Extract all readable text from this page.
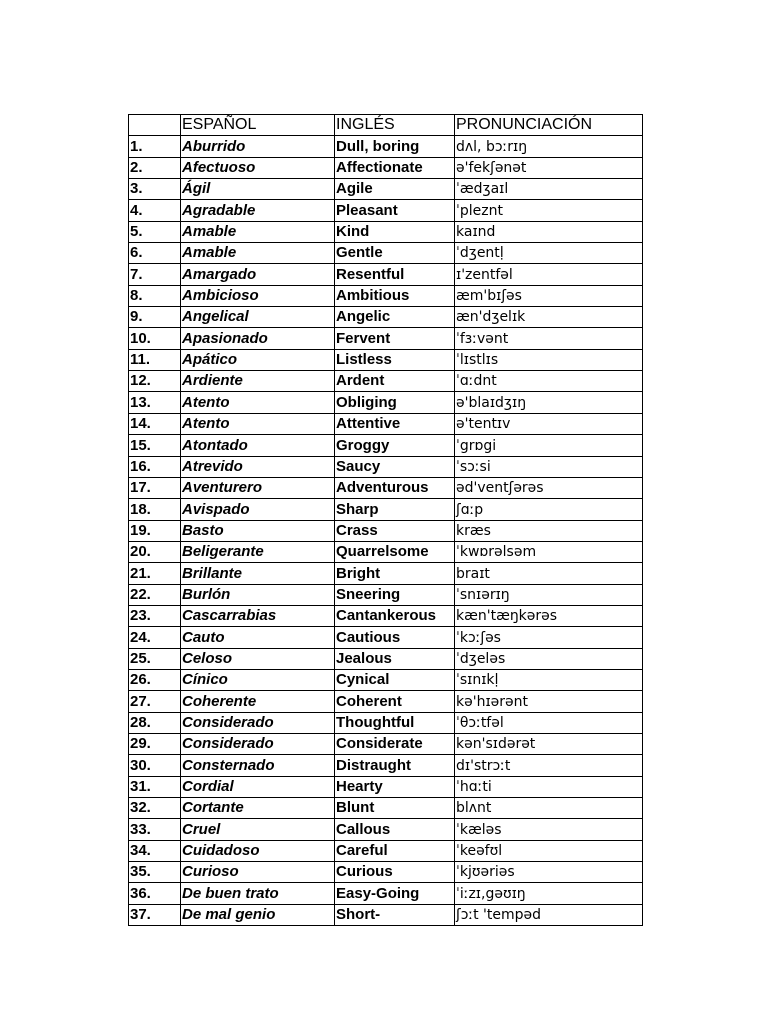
	ESPAÑOL	INGLÉS	PRONUNCIACIÓN
1.	Aburrido	Dull, boring	dʌl, bɔːrɪŋ
2.	Afectuoso	Affectionate	ə'fekʃənət
3.	Ágil	Agile	ˈædʒaɪl
4.	Agradable	Pleasant	ˈpleznt
5.	Amable	Kind	kaɪnd
6.	Amable	Gentle	ˈdʒentḷ
7.	Amargado	Resentful	ɪ'zentfəl
8.	Ambicioso	Ambitious	æm'bɪʃəs
9.	Angelical	Angelic	æn'dʒelɪk
10.	Apasionado	Fervent	ˈfɜːvənt
11.	Apático	Listless	ˈlɪstlɪs
12.	Ardiente	Ardent	ˈɑːdnt
13.	Atento	Obliging	ə'blaɪdʒɪŋ
14.	Atento	Attentive	ə'tentɪv
15.	Atontado	Groggy	ˈgrɒgi
16.	Atrevido	Saucy	ˈsɔːsi
17.	Aventurero	Adventurous	əd'ventʃərəs
18.	Avispado	Sharp	ʃɑːp
19.	Basto	Crass	kræs
20.	Beligerante	Quarrelsome	ˈkwɒrəlsəm
21.	Brillante	Bright	braɪt
22.	Burlón	Sneering	ˈsnɪərɪŋ
23.	Cascarrabias	Cantankerous	kæn'tæŋkərəs
24.	Cauto	Cautious	ˈkɔːʃəs
25.	Celoso	Jealous	ˈdʒeləs
26.	Cínico	Cynical	ˈsɪnɪkḷ
27.	Coherente	Coherent	kə'hɪərənt
28.	Considerado	Thoughtful	ˈθɔːtfəl
29.	Considerado	Considerate	kən'sɪdərət
30.	Consternado	Distraught	dɪ'strɔːt
31.	Cordial	Hearty	ˈhɑːti
32.	Cortante	Blunt	blʌnt
33.	Cruel	Callous	ˈkæləs
34.	Cuidadoso	Careful	ˈkeəfʊl
35.	Curioso	Curious	ˈkjʊəriəs
36.	De buen trato	Easy-Going	ˈiːzɪ,gəʊɪŋ
37.	De mal genio	Short-	ʃɔːt 'tempəd
